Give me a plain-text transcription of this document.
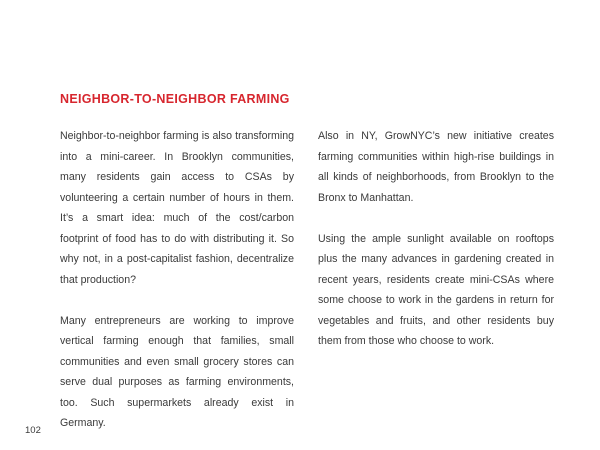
NEIGHBOR-TO-NEIGHBOR FARMING

Neighbor-to-neighbor farming is also transforming into a mini-career. In Brooklyn communities, many residents gain access to CSAs by volunteering a certain number of hours in them. It’s a smart idea: much of the cost/carbon footprint of food has to do with distributing it. So why not, in a post-capitalist fashion, decentralize that production?

Many entrepreneurs are working to improve vertical farming enough that families, small communities and even small grocery stores can serve dual purposes as farming environments, too. Such supermarkets already exist in Germany.

Also in NY, GrowNYC’s new initiative creates farming communities within high-rise buildings in all kinds of neighborhoods, from Brooklyn to the Bronx to Manhattan.

Using the ample sunlight available on rooftops plus the many advances in gardening created in recent years, residents create mini-CSAs where some choose to work in the gardens in return for vegetables and fruits, and other residents buy them from those who choose to work.

102
